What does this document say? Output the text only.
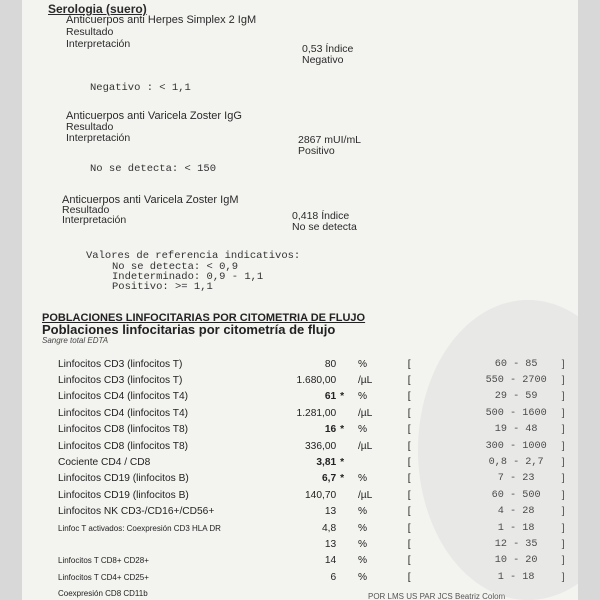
Serologia (suero)
Anticuerpos anti Herpes Simplex 2 IgM
Resultado
Interpretación	0,53 Índice
Negativo
Negativo : < 1,1
Anticuerpos anti Varicela Zoster IgG
Resultado
Interpretación	2867 mUI/mL
Positivo
No se detecta: < 150
Anticuerpos anti Varicela Zoster IgM
Resultado
Interpretación	0,418 Índice
No se detecta
Valores de referencia indicativos:
No se detecta: < 0,9
Indeterminado: 0,9 - 1,1
Positivo: >= 1,1
POBLACIONES LINFOCITARIAS POR CITOMETRIA DE FLUJO
Poblaciones linfocitarias por citometría de flujo
Sangre total EDTA
Linfocitos CD3 (linfocitos T)	80		%	[	60 - 85	]
Linfocitos CD3 (linfocitos T)	1.680,00		/µL	[	550 - 2700	]
Linfocitos CD4 (linfocitos T4)	61	*	%	[	29 - 59	]
Linfocitos CD4 (linfocitos T4)	1.281,00		/µL	[	500 - 1600	]
Linfocitos CD8 (linfocitos T8)	16	*	%	[	19 - 48	]
Linfocitos CD8 (linfocitos T8)	336,00		/µL	[	300 - 1000	]
Cociente CD4 / CD8	3,81	*		[	0,8 - 2,7	]
Linfocitos CD19 (linfocitos B)	6,7	*	%	[	7 - 23	]
Linfocitos CD19 (linfocitos B)	140,70		/µL	[	60 - 500	]
Linfocitos NK CD3-/CD16+/CD56+	13		%	[	4 - 28	]
Linfoc T activados: Coexpresión CD3 HLA DR	4,8		%	[	1 - 18	]
	13		%	[	12 - 35	]
Linfocitos T CD8+ CD28+	14		%	[	10 - 20	]
Linfocitos T CD4+ CD25+	6		%	[	1 - 18	]
Coexpresión CD8 CD11b							POR LMS US PAR JCS Beatriz Colom
